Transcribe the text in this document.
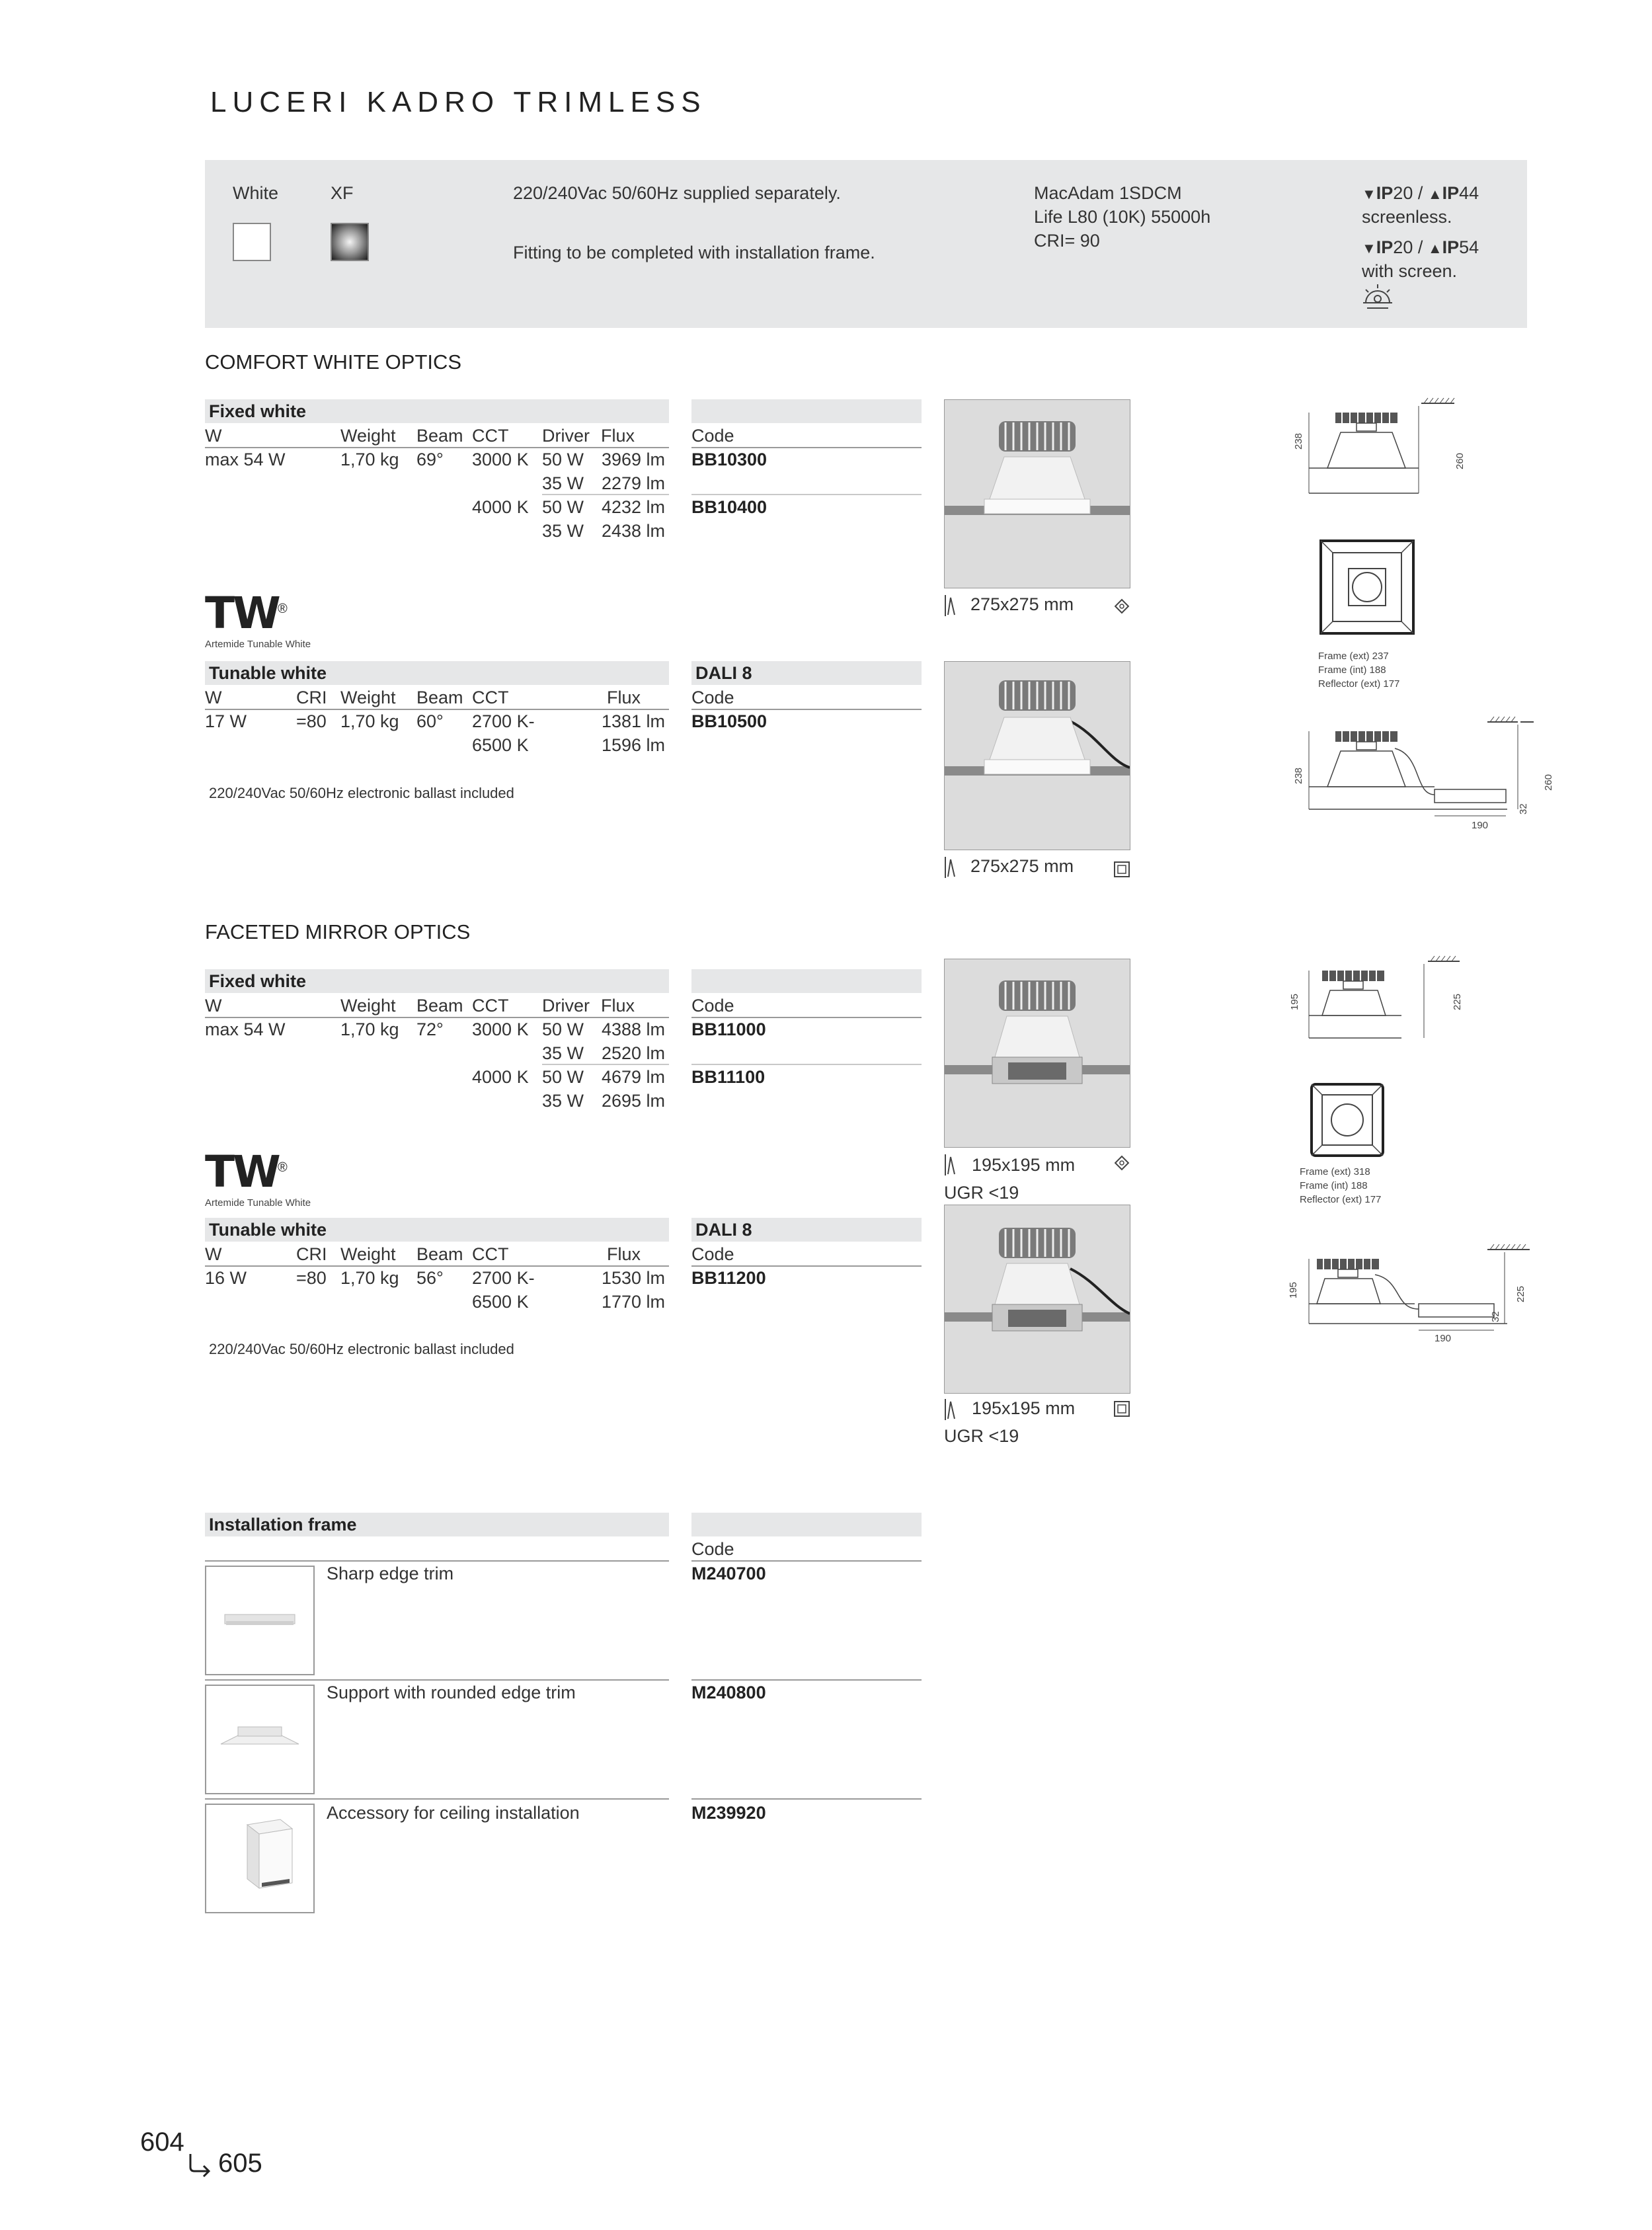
LUCERI KADRO TRIMLESS
White	XF	220/240Vac 50/60Hz supplied separately.
Fitting to be completed with installation frame.
MacAdam 1SDCM
Life L80 (10K) 55000h
CRI= 90
▼IP20 / ▲IP44
screenless.
▼IP20 / ▲IP54
with screen.
COMFORT WHITE OPTICS
Fixed white
W	Weight Beam CCT Driver Flux	Code
max 54 W	1,70 kg 69° 3000 K 50 W 3969 lm BB10300
35 W 2279 lm
4000 K 50 W 4232 lm BB10400
35 W 2438 lm
TW
®
Artemide Tunable White
Tunable white	DALI 8
W	CRI Weight Beam CCT	Flux	Code
17 W	=80 1,70 kg 60° 2700 K-	1381 lm BB10500
6500 K	1596 lm
220/240Vac 50/60Hz electronic ballast included
275x275 mm
275x275 mm
238
260
Frame (ext) 237
Frame (int) 188
Reflector (ext) 177
238	260
32
190
FACETED MIRROR OPTICS
Fixed white
W	Weight Beam CCT Driver Flux	Code
max 54 W	1,70 kg 72° 3000 K 50 W 4388 lm BB11000
35 W 2520 lm
4000 K 50 W 4679 lm BB11100
35 W 2695 lm
TW
®
Artemide Tunable White
Tunable white	DALI 8
W	CRI Weight Beam CCT	Flux	Code
16 W	=80 1,70 kg 56° 2700 K-	1530 lm BB11200
6500 K	1770 lm
220/240Vac 50/60Hz electronic ballast included
195x195 mm
UGR <19
195x195 mm
UGR <19
195	225
Frame (ext) 318
Frame (int) 188
Reflector (ext) 177
195	225
32
190
Installation frame
Code
Sharp edge trim	M240700
Support with rounded edge trim	M240800
Accessory for ceiling installation	M239920
604
605
